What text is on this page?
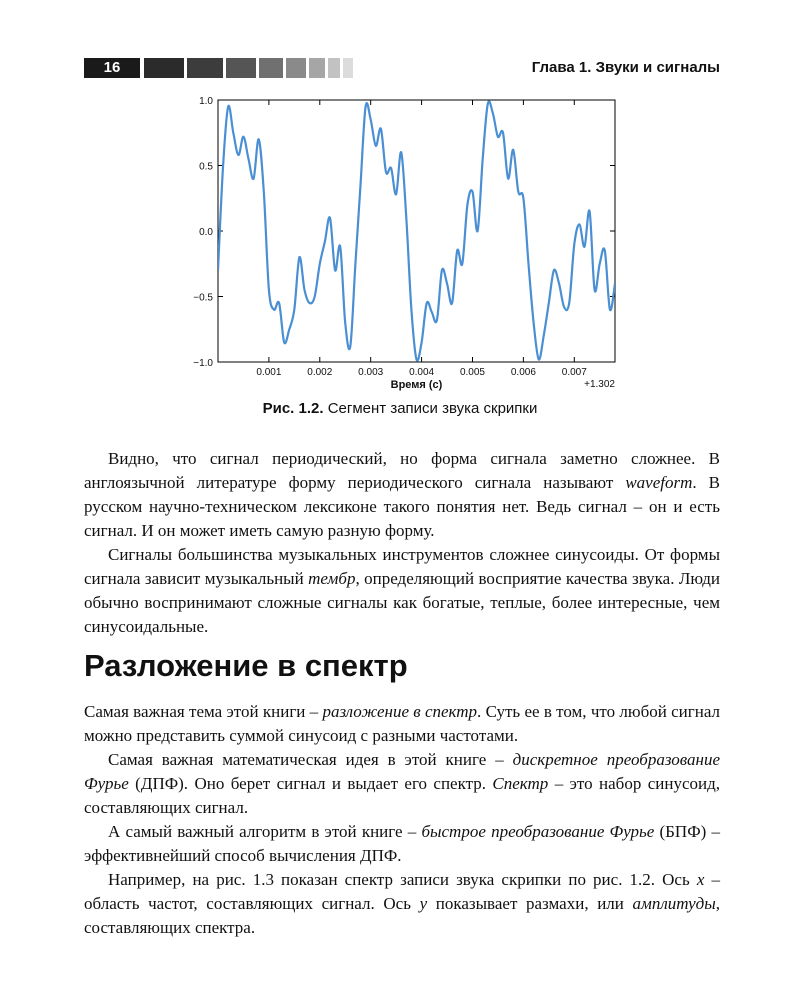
16	Глава 1. Звуки и сигналы
−1.0
−0.5
0.0
0.5
1.0
0.001	0.002	0.003	0.004	0.005	0.006	0.007
+1.302
Время (с)
Рис. 1.2. Сегмент записи звука скрипки

Видно, что сигнал периодический, но форма сигнала заметно сложнее. В англоязычной литературе форму периодического сигнала называют waveform. В русском научно-техническом лексиконе такого понятия нет. Ведь сигнал – он и есть сигнал. И он может иметь самую разную форму.

Сигналы большинства музыкальных инструментов сложнее синусоиды. От формы сигнала зависит музыкальный тембр, определяющий восприятие качества звука. Люди обычно воспринимают сложные сигналы как богатые, теплые, более интересные, чем синусоидальные.

Разложение в спектр

Самая важная тема этой книги – разложение в спектр. Суть ее в том, что любой сигнал можно представить суммой синусоид с разными частотами.

Самая важная математическая идея в этой книге – дискретное преобразование Фурье (ДПФ). Оно берет сигнал и выдает его спектр. Спектр – это набор синусоид, составляющих сигнал.

А самый важный алгоритм в этой книге – быстрое преобразование Фурье (БПФ) – эффективнейший способ вычисления ДПФ.

Например, на рис. 1.3 показан спектр записи звука скрипки по рис. 1.2. Ось x – область частот, составляющих сигнал. Ось y показывает размахи, или амплитуды, составляющих спектра.
